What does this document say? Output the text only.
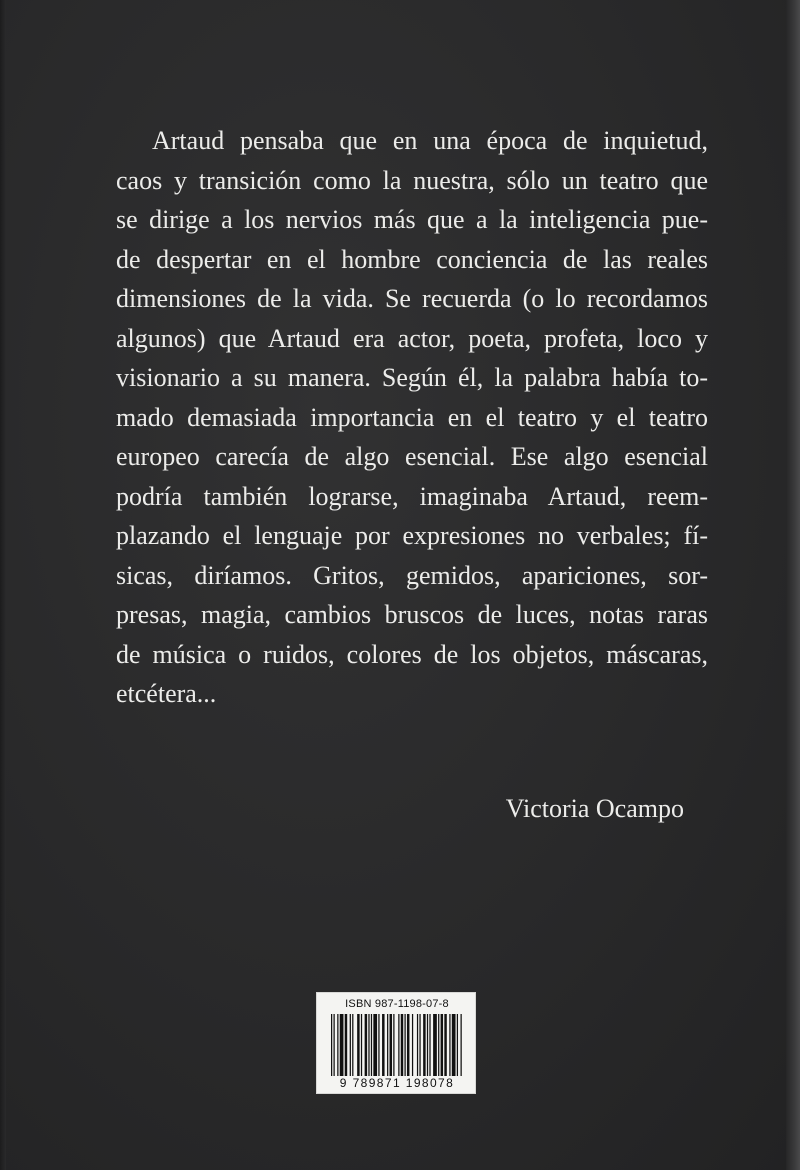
Artaud pensaba que en una época de inquietud,
caos y transición como la nuestra, sólo un teatro que
se dirige a los nervios más que a la inteligencia pue-
de despertar en el hombre conciencia de las reales
dimensiones de la vida. Se recuerda (o lo recordamos
algunos) que Artaud era actor, poeta, profeta, loco y
visionario a su manera. Según él, la palabra había to-
mado demasiada importancia en el teatro y el teatro
europeo carecía de algo esencial. Ese algo esencial
podría también lograrse, imaginaba Artaud, reem-
plazando el lenguaje por expresiones no verbales; fí-
sicas, diríamos. Gritos, gemidos, apariciones, sor-
presas, magia, cambios bruscos de luces, notas raras
de música o ruidos, colores de los objetos, máscaras,
etcétera...
Victoria Ocampo
ISBN 987-1198-07-8
9 789871 198078
